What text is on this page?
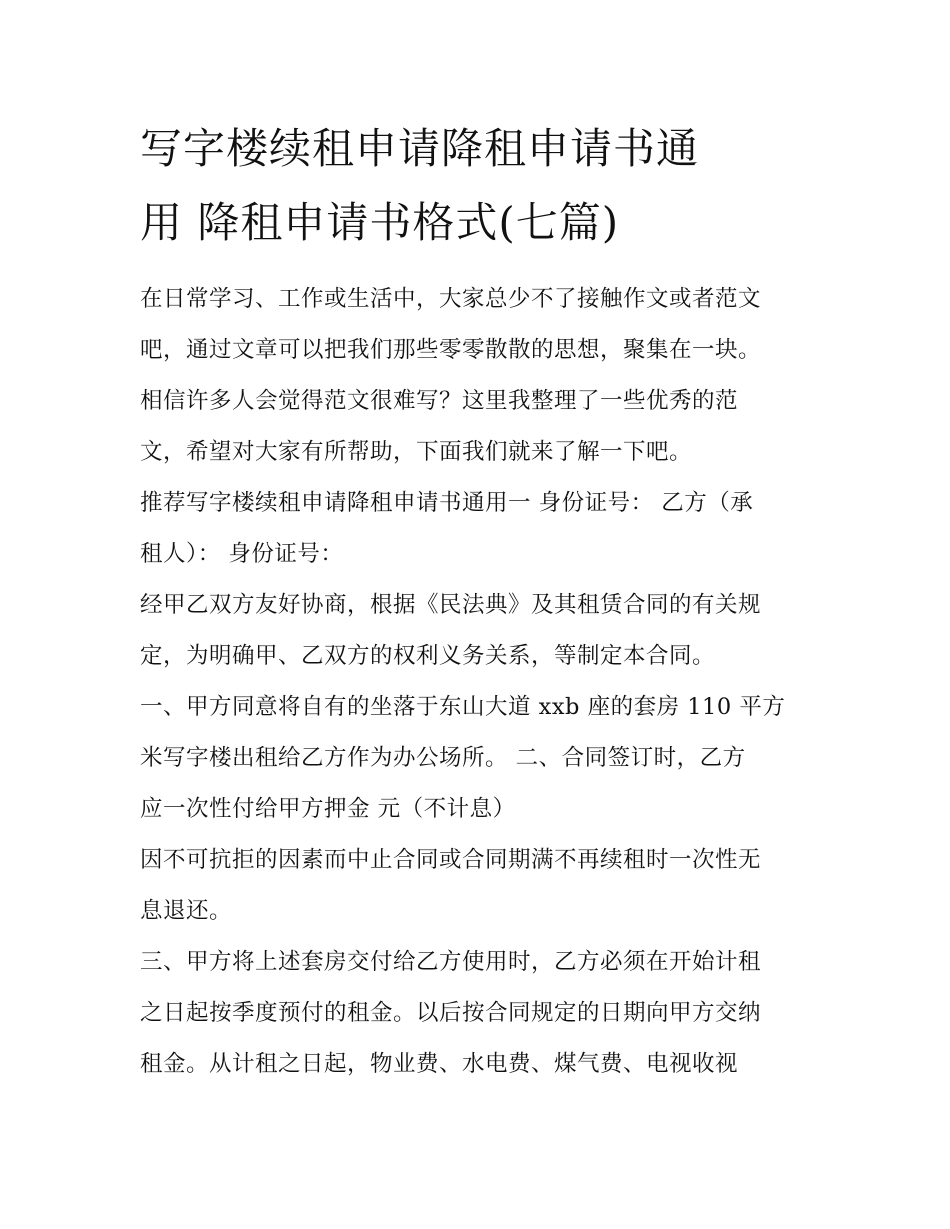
写字楼续租申请降租申请书通
用 降租申请书格式(七篇)

在日常学习、工作或生活中，大家总少不了接触作文或者范文
吧，通过文章可以把我们那些零零散散的思想，聚集在一块。
相信许多人会觉得范文很难写？这里我整理了一些优秀的范
文，希望对大家有所帮助，下面我们就来了解一下吧。

推荐写字楼续租申请降租申请书通用一 身份证号： 乙方（承
租人）： 身份证号：

经甲乙双方友好协商，根据《民法典》及其租赁合同的有关规
定，为明确甲、乙双方的权利义务关系，等制定本合同。

一、甲方同意将自有的坐落于东山大道 xxb 座的套房 110 平方
米写字楼出租给乙方作为办公场所。 二、合同签订时，乙方
应一次性付给甲方押金 元（不计息）

因不可抗拒的因素而中止合同或合同期满不再续租时一次性无
息退还。

三、甲方将上述套房交付给乙方使用时，乙方必须在开始计租
之日起按季度预付的租金。以后按合同规定的日期向甲方交纳
租金。从计租之日起，物业费、水电费、煤气费、电视收视
